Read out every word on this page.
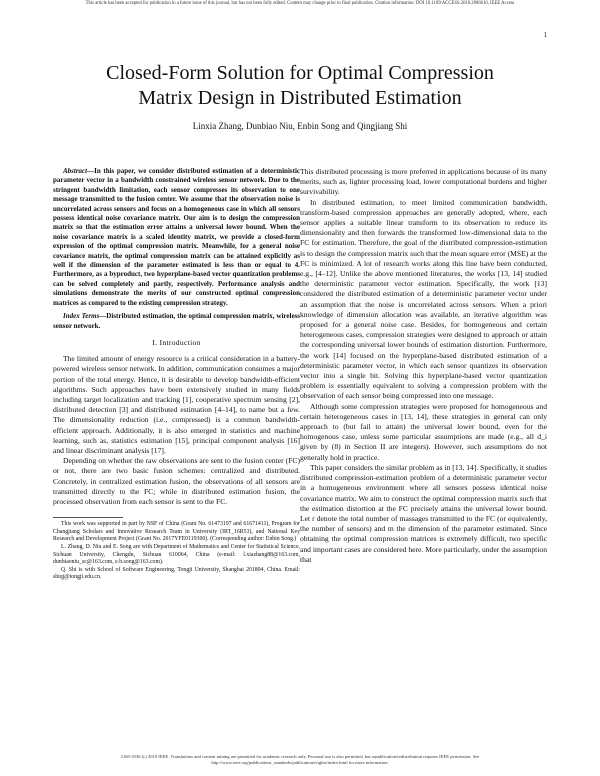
This article has been accepted for publication in a future issue of this journal, but has not been fully edited. Content may change prior to final publication. Citation information: DOI 10.1109/ACCESS.2018.2886610, IEEE Access
1
Closed-Form Solution for Optimal Compression
Matrix Design in Distributed Estimation
Linxia Zhang, Dunbiao Niu, Enbin Song and Qingjiang Shi

Abstract—In this paper, we consider distributed estimation of a deterministic parameter vector in a bandwidth constrained wireless sensor network. Due to the stringent bandwidth limitation, each sensor compresses its observation to one message transmitted to the fusion center. We assume that the observation noise is uncorrelated across sensors and focus on a homogeneous case in which all sensors possess identical noise covariance matrix. Our aim is to design the compression matrix so that the estimation error attains a universal lower bound. When the noise covariance matrix is a scaled identity matrix, we provide a closed-form expression of the optimal compression matrix. Meanwhile, for a general noise covariance matrix, the optimal compression matrix can be attained explicitly as well if the dimension of the parameter estimated is less than or equal to 4. Furthermore, as a byproduct, two hyperplane-based vector quantization problems can be solved completely and partly, respectively. Performance analysis and simulations demonstrate the merits of our constructed optimal compression matrices as compared to the existing compression strategy.

Index Terms—Distributed estimation, the optimal compression matrix, wireless sensor network.

I. Introduction

The limited amount of energy resource is a critical consideration in a battery-powered wireless sensor network. In addition, communication consumes a major portion of the total energy. Hence, it is desirable to develop bandwidth-efficient algorithms. Such approaches have been extensively studied in many fields including target localization and tracking [1], cooperative spectrum sensing [2], distributed detection [3] and distributed estimation [4–14], to name but a few. The dimensionality reduction (i.e., compressed) is a common bandwidth-efficient approach. Additionally, it is also emerged in statistics and machine learning, such as, statistics estimation [15], principal component analysis [16] and linear discriminant analysis [17].

Depending on whether the raw observations are sent to the fusion center (FC) or not, there are two basic fusion schemes: centralized and distributed. Concretely, in centralized estimation fusion, the observations of all sensors are transmitted directly to the FC; while in distributed estimation fusion, the processed observation from each sensor is sent to the FC.

This work was supported in part by NSF of China (Grant No. 61473197 and 61671411), Program for Changjiang Scholars and Innovative Research Team in University (IRT_16R53), and National Key Research and Development Project (Grant No. 2017YFE0119300). (Corresponding author: Enbin Song.)

L. Zhang, D. Niu and E. Song are with Department of Mathematics and Center for Statistical Science, Sichuan University, Chengdu, Sichuan 610064, China (e-mail: l.xiazhang88@163.com, dunbiaoniu_sc@163.com, e.b.song@163.com).

Q. Shi is with School of Software Engineering, Tongji University, Shanghai 201804, China. Email: shiqj@tongji.edu.cn.

This distributed processing is more preferred in applications because of its many merits, such as, lighter processing load, lower computational burdens and higher survivability.

In distributed estimation, to meet limited communication bandwidth, transform-based compression approaches are generally adopted, where, each sensor applies a suitable linear transform to its observation to reduce its dimensionality and then forwards the transformed low-dimensional data to the FC for estimation. Therefore, the goal of the distributed compression-estimation is to design the compression matrix such that the mean square error (MSE) at the FC is minimized. A lot of research works along this line have been conducted, e.g., [4–12]. Unlike the above mentioned literatures, the works [13, 14] studied the deterministic parameter vector estimation. Specifically, the work [13] considered the distributed estimation of a deterministic parameter vector under an assumption that the noise is uncorrelated across sensors. When a priori knowledge of dimension allocation was available, an iterative algorithm was proposed for a general noise case. Besides, for homogeneous and certain heterogeneous cases, compression strategies were designed to approach or attain the corresponding universal lower bounds of estimation distortion. Furthermore, the work [14] focused on the hyperplane-based distributed estimation of a deterministic parameter vector, in which each sensor quantizes its observation vector into a single bit. Solving this hyperplane-based vector quantization problem is essentially equivalent to solving a compression problem with the observation of each sensor being compressed into one message.

Although some compression strategies were proposed for homogeneous and certain heterogeneous cases in [13, 14], these strategies in general can only approach to (but fail to attain) the universal lower bound, even for the homogenous case, unless some particular assumptions are made (e.g., all d_i given by (8) in Section II are integers). However, such assumptions do not generally hold in practice.

This paper considers the similar problem as in [13, 14]. Specifically, it studies distributed compression-estimation problem of a deterministic parameter vector in a homogeneous environment where all sensors possess identical noise covariance matrix. We aim to construct the optimal compression matrix such that the estimation distortion at the FC precisely attains the universal lower bound. Let r denote the total number of massages transmitted to the FC (or equivalently, the number of sensors) and m the dimension of the parameter estimated. Since obtaining the optimal compression matrices is extremely difficult, two specific and important cases are considered here. More particularly, under the assumption that

2169-3536 (c) 2018 IEEE. Translations and content mining are permitted for academic research only. Personal use is also permitted, but republication/redistribution requires IEEE permission. See
http://www.ieee.org/publications_standards/publications/rights/index.html for more information.
